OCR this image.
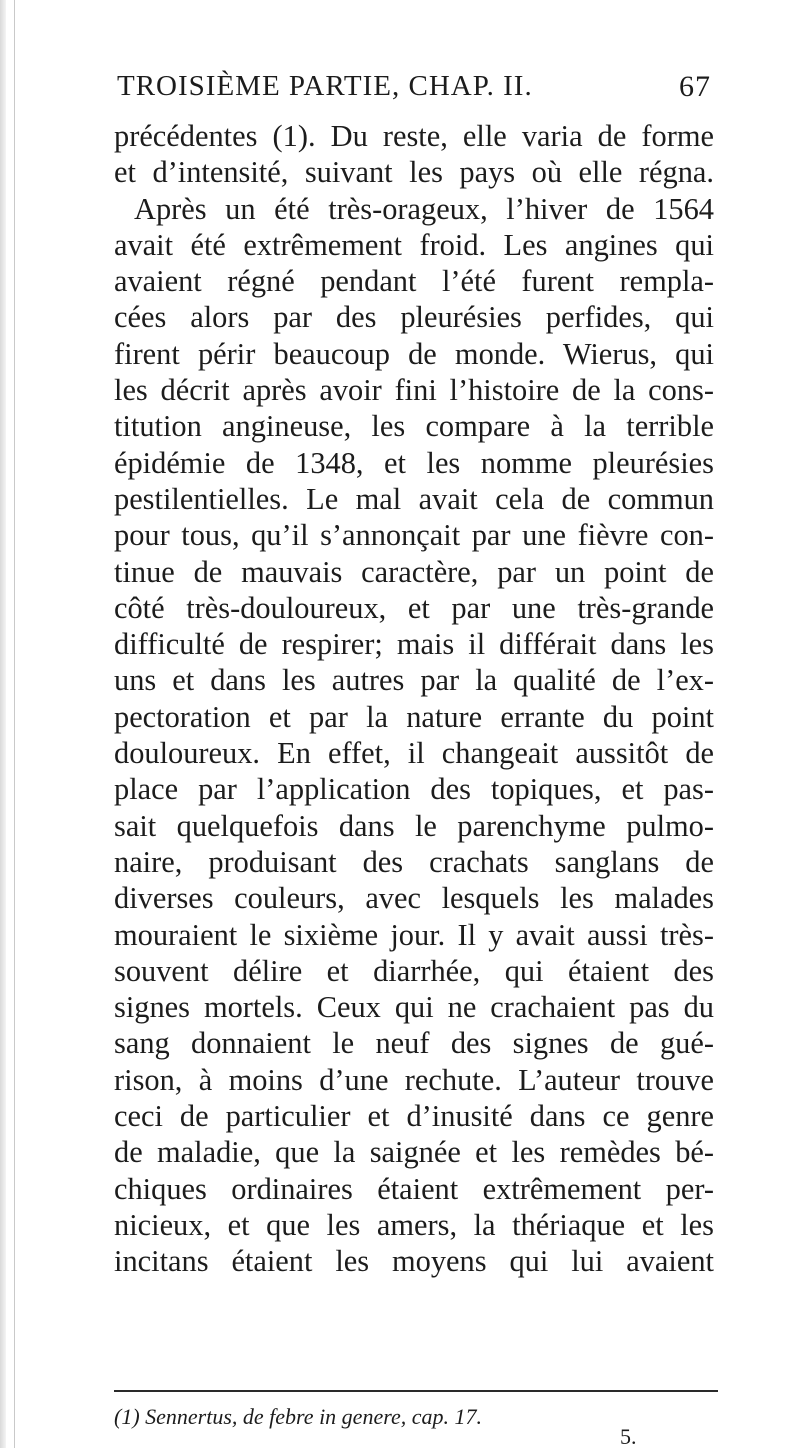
TROISIÈME PARTIE, CHAP. II.	67
précédentes (1). Du reste, elle varia de forme
et d’intensité, suivant les pays où elle régna.
Après un été très-orageux, l’hiver de 1564
avait été extrêmement froid. Les angines qui
avaient régné pendant l’été furent rempla-
cées alors par des pleurésies perfides, qui
firent périr beaucoup de monde. Wierus, qui
les décrit après avoir fini l’histoire de la cons-
titution angineuse, les compare à la terrible
épidémie de 1348, et les nomme pleurésies
pestilentielles. Le mal avait cela de commun
pour tous, qu’il s’annonçait par une fièvre con-
tinue de mauvais caractère, par un point de
côté très-douloureux, et par une très-grande
difficulté de respirer; mais il différait dans les
uns et dans les autres par la qualité de l’ex-
pectoration et par la nature errante du point
douloureux. En effet, il changeait aussitôt de
place par l’application des topiques, et pas-
sait quelquefois dans le parenchyme pulmo-
naire, produisant des crachats sanglans de
diverses couleurs, avec lesquels les malades
mouraient le sixième jour. Il y avait aussi très-
souvent délire et diarrhée, qui étaient des
signes mortels. Ceux qui ne crachaient pas du
sang donnaient le neuf des signes de gué-
rison, à moins d’une rechute. L’auteur trouve
ceci de particulier et d’inusité dans ce genre
de maladie, que la saignée et les remèdes bé-
chiques ordinaires étaient extrêmement per-
nicieux, et que les amers, la thériaque et les
incitans étaient les moyens qui lui avaient
(1) Sennertus, de febre in genere, cap. 17.
5.
